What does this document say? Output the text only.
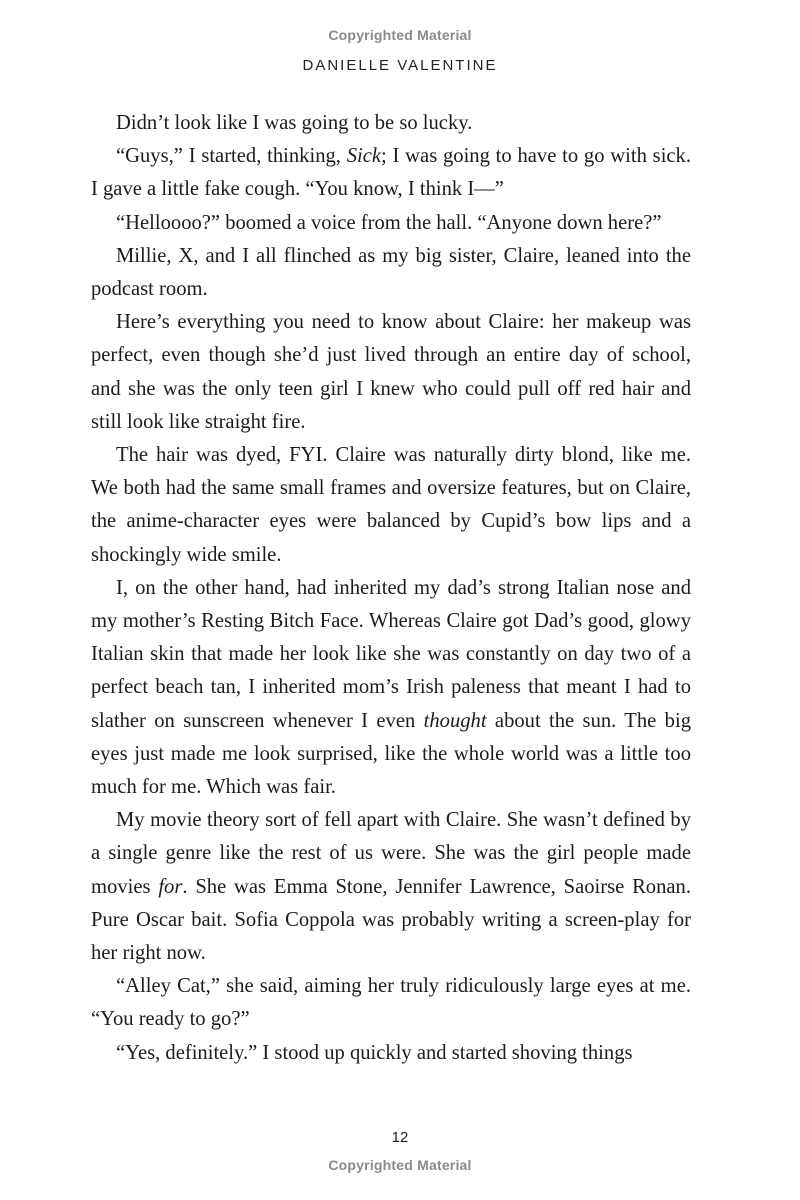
Copyrighted Material
DANIELLE VALENTINE

Didn’t look like I was going to be so lucky.

“Guys,” I started, thinking, Sick; I was going to have to go with sick. I gave a little fake cough. “You know, I think I—”

“Helloooo?” boomed a voice from the hall. “Anyone down here?”

Millie, X, and I all flinched as my big sister, Claire, leaned into the podcast room.

Here’s everything you need to know about Claire: her makeup was perfect, even though she’d just lived through an entire day of school, and she was the only teen girl I knew who could pull off red hair and still look like straight fire.

The hair was dyed, FYI. Claire was naturally dirty blond, like me. We both had the same small frames and oversize features, but on Claire, the anime-character eyes were balanced by Cupid’s bow lips and a shockingly wide smile.

I, on the other hand, had inherited my dad’s strong Italian nose and my mother’s Resting Bitch Face. Whereas Claire got Dad’s good, glowy Italian skin that made her look like she was constantly on day two of a perfect beach tan, I inherited mom’s Irish paleness that meant I had to slather on sunscreen whenever I even thought about the sun. The big eyes just made me look surprised, like the whole world was a little too much for me. Which was fair.

My movie theory sort of fell apart with Claire. She wasn’t defined by a single genre like the rest of us were. She was the girl people made movies for. She was Emma Stone, Jennifer Lawrence, Saoirse Ronan. Pure Oscar bait. Sofia Coppola was probably writing a screen-play for her right now.

“Alley Cat,” she said, aiming her truly ridiculously large eyes at me. “You ready to go?”

“Yes, definitely.” I stood up quickly and started shoving things

12
Copyrighted Material
